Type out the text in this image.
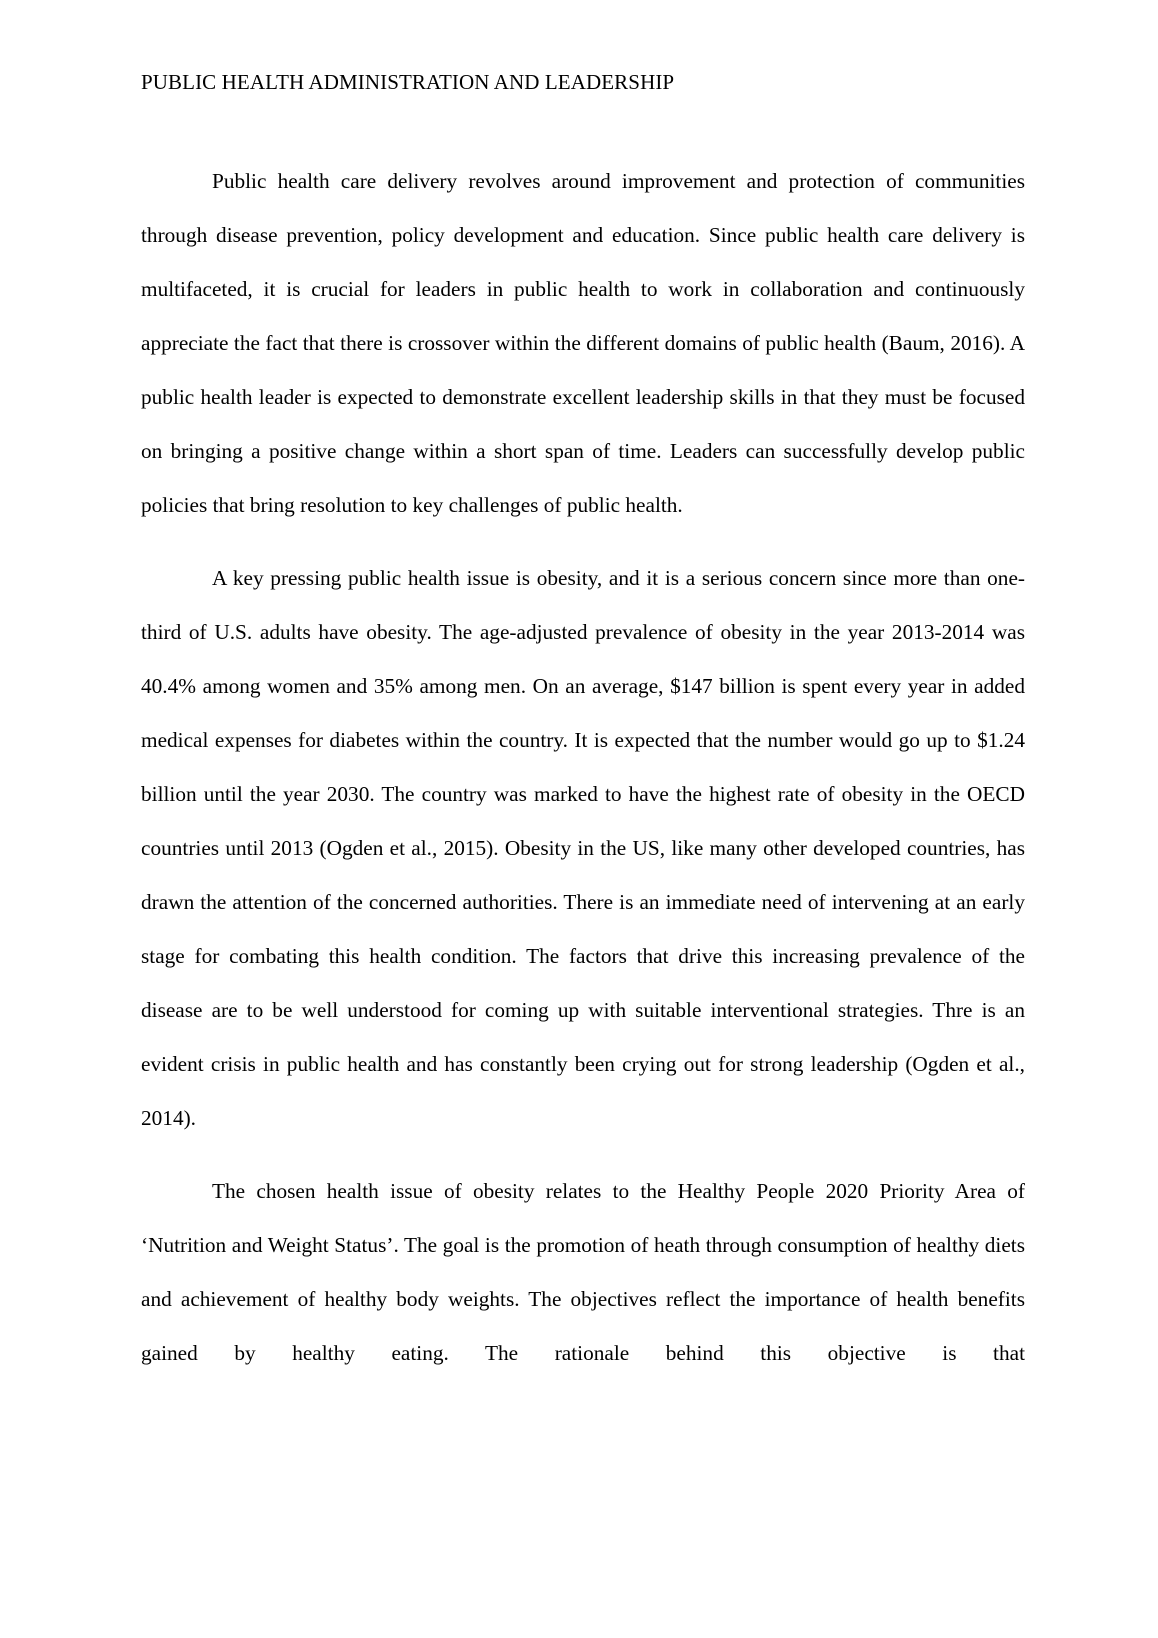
PUBLIC HEALTH ADMINISTRATION AND LEADERSHIP

Public health care delivery revolves around improvement and protection of communities through disease prevention, policy development and education. Since public health care delivery is multifaceted, it is crucial for leaders in public health to work in collaboration and continuously appreciate the fact that there is crossover within the different domains of public health (Baum, 2016). A public health leader is expected to demonstrate excellent leadership skills in that they must be focused on bringing a positive change within a short span of time. Leaders can successfully develop public policies that bring resolution to key challenges of public health.

A key pressing public health issue is obesity, and it is a serious concern since more than one-third of U.S. adults have obesity. The age-adjusted prevalence of obesity in the year 2013-2014 was 40.4% among women and 35% among men. On an average, $147 billion is spent every year in added medical expenses for diabetes within the country. It is expected that the number would go up to $1.24 billion until the year 2030. The country was marked to have the highest rate of obesity in the OECD countries until 2013 (Ogden et al., 2015). Obesity in the US, like many other developed countries, has drawn the attention of the concerned authorities. There is an immediate need of intervening at an early stage for combating this health condition. The factors that drive this increasing prevalence of the disease are to be well understood for coming up with suitable interventional strategies. Thre is an evident crisis in public health and has constantly been crying out for strong leadership (Ogden et al., 2014).

The chosen health issue of obesity relates to the Healthy People 2020 Priority Area of ‘Nutrition and Weight Status’. The goal is the promotion of heath through consumption of healthy diets and achievement of healthy body weights. The objectives reflect the importance of health benefits gained by healthy eating. The rationale behind this objective is that
